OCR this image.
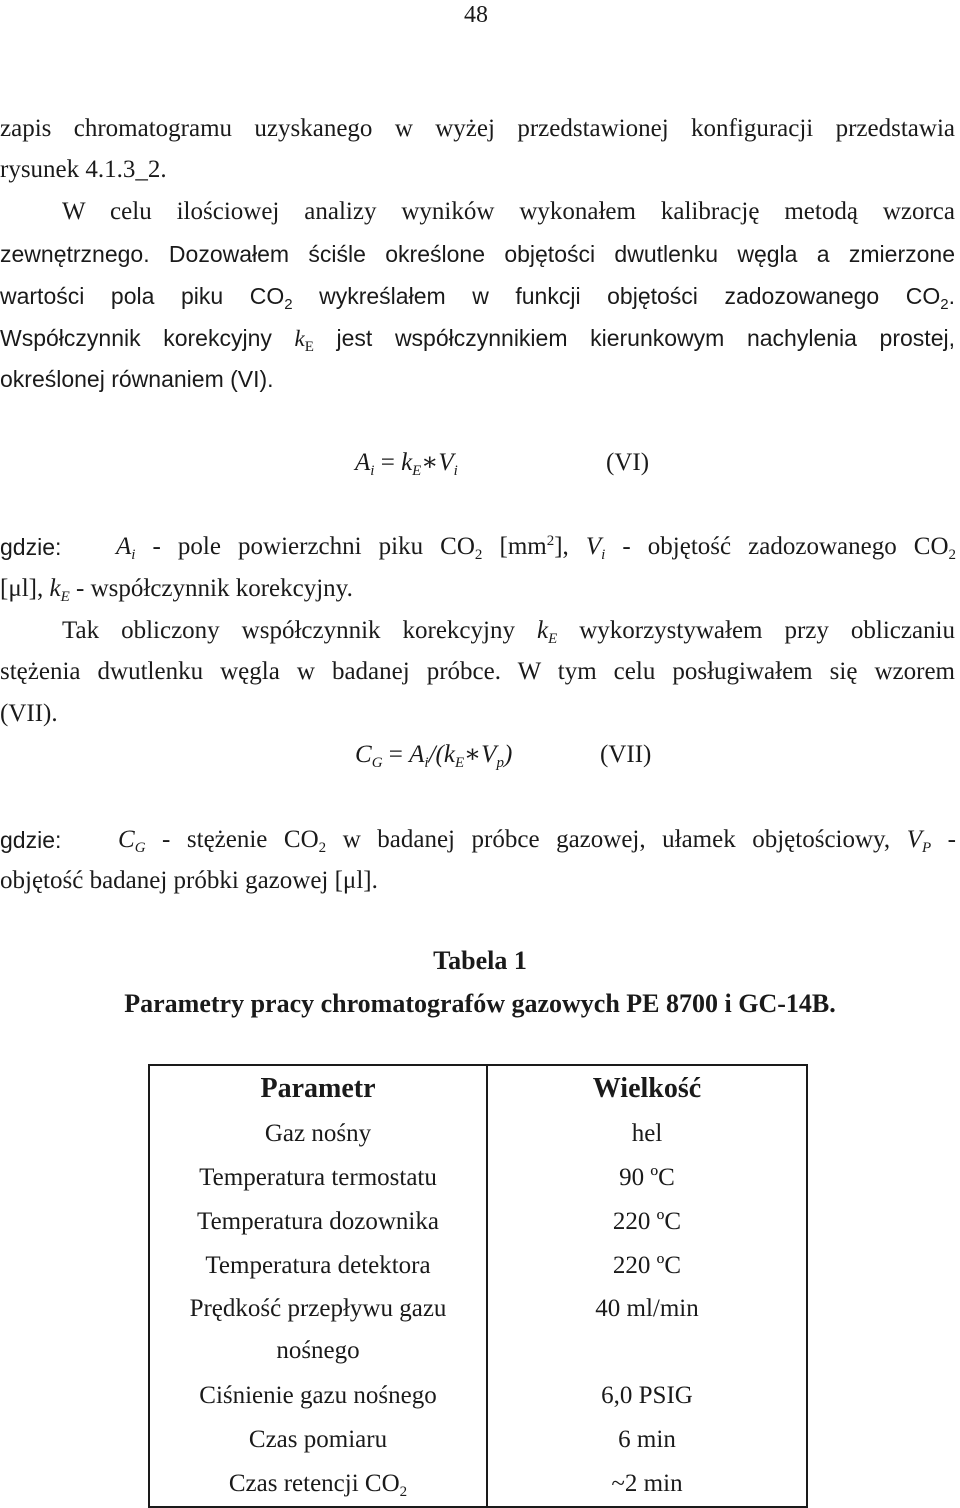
48
zapis chromatogramu uzyskanego w wyżej przedstawionej konfiguracji przedstawia
rysunek 4.1.3_2.
W celu ilościowej analizy wyników wykonałem kalibrację metodą wzorca
zewnętrznego. Dozowałem ściśle określone objętości dwutlenku węgla a zmierzone
wartości pola piku $CO_2$ wykreślałem w funkcji objętości zadozowanego $CO_2$.
Współczynnik korekcyjny $k_E$ jest współczynnikiem kierunkowym nachylenia prostej,
określonej równaniem (VI).
$A_i$ = $k_E∗V_i$	(VI)
gdzie: $A_i$ - pole powierzchni piku $CO_2$ $[mm^2]$, $V_i$ - objętość zadozowanego $CO_2$
[μl], $k_E$ - współczynnik korekcyjny.
Tak obliczony współczynnik korekcyjny $k_E$ wykorzystywałem przy obliczaniu
stężenia dwutlenku węgla w badanej próbce. W tym celu posługiwałem się wzorem
(VII).
$C_G$ = $A_i/(k_E∗V_p)$	(VII)
gdzie: $C_G$ - stężenie $CO_2$ w badanej próbce gazowej, ułamek objętościowy, $V_P$ -
objętość badanej próbki gazowej [μl].
Tabela 1
Parametry pracy chromatografów gazowych PE 8700 i GC-14B.
Parametr	Wielkość
Gaz nośny	hel
Temperatura termostatu	90 ºC
Temperatura dozownika	220 ºC
Temperatura detektora	220 ºC

Prędkość przepływu gazu
nośnego	40 ml/min

Ciśnienie gazu nośnego	6,0 PSIG
Czas pomiaru	6 min
Czas retencji $CO_2$	~2 min
